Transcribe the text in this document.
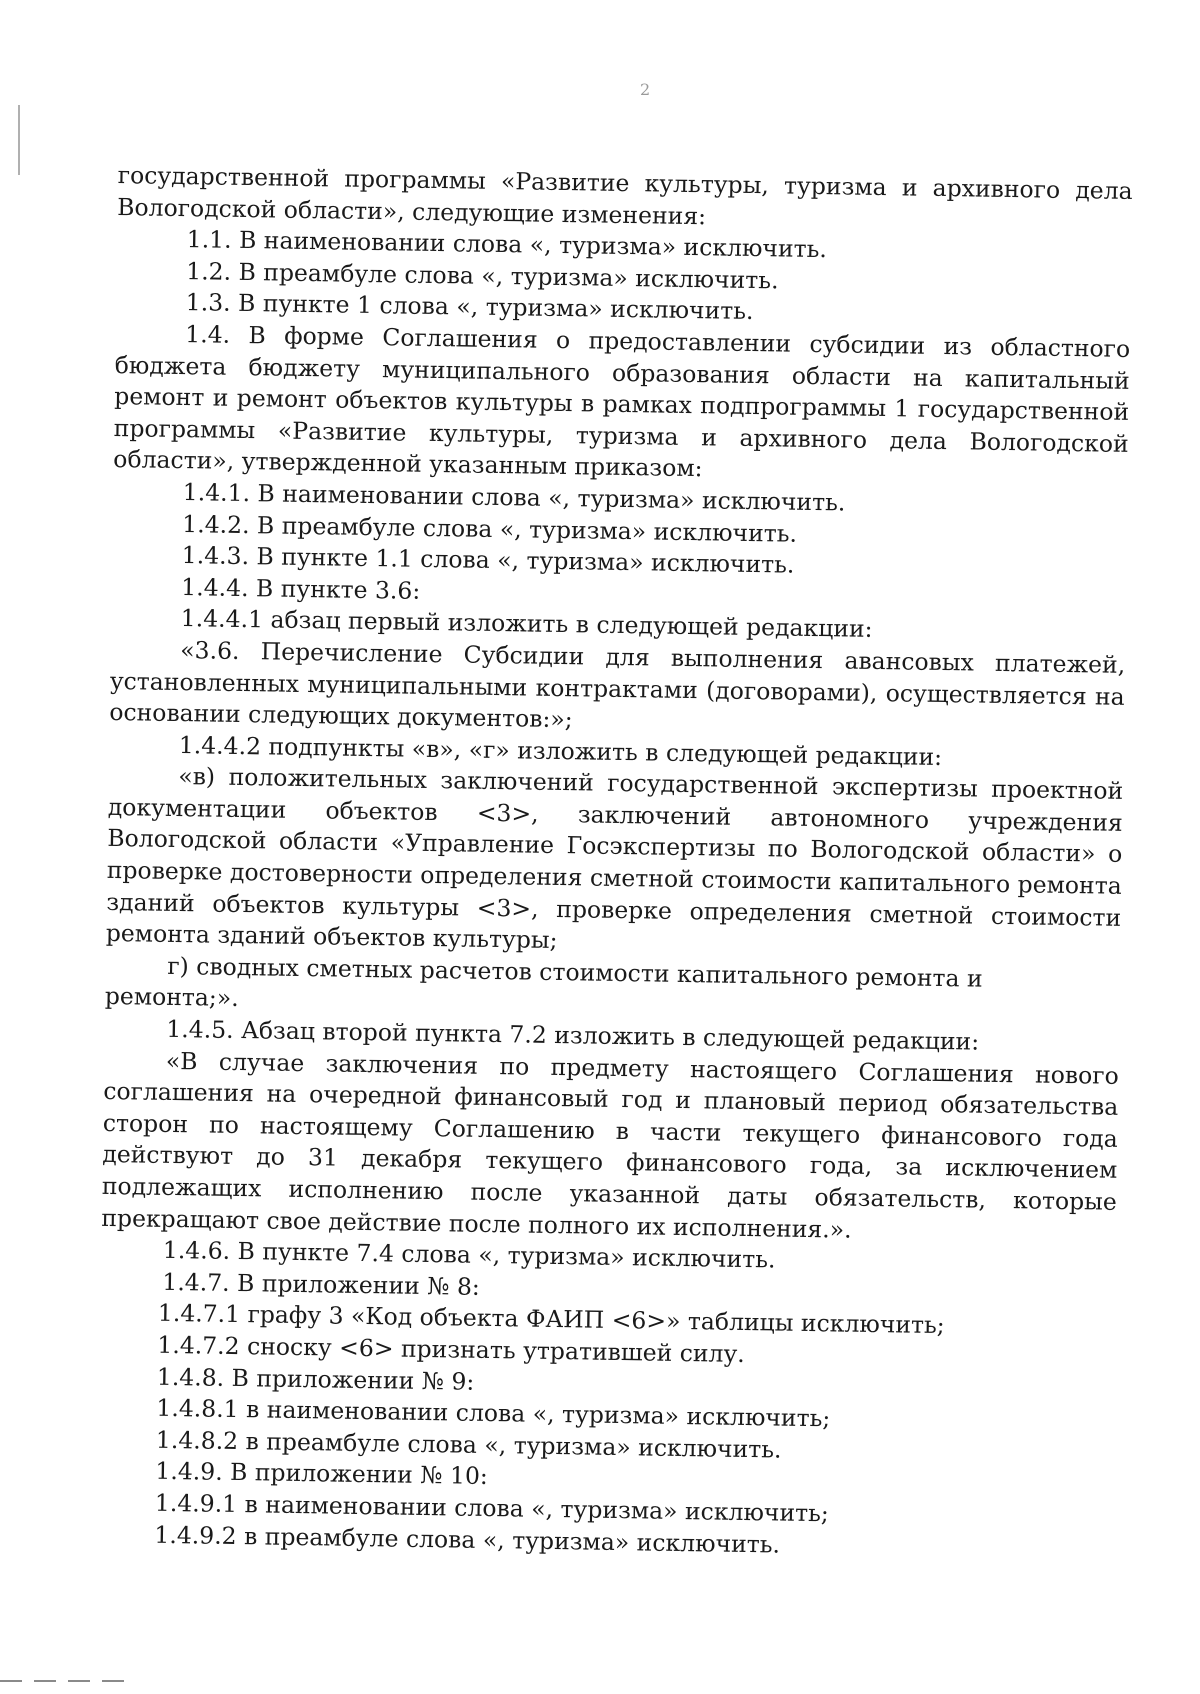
2

государственной программы «Развитие культуры, туризма и архивного дела Вологодской области», следующие изменения:

1.1. В наименовании слова «, туризма» исключить.

1.2. В преамбуле слова «, туризма» исключить.

1.3. В пункте 1 слова «, туризма» исключить.

1.4. В форме Соглашения о предоставлении субсидии из областного бюджета бюджету муниципального образования области на капитальный ремонт и ремонт объектов культуры в рамках подпрограммы 1 государственной программы «Развитие культуры, туризма и архивного дела Вологодской области», утвержденной указанным приказом:

1.4.1. В наименовании слова «, туризма» исключить.

1.4.2. В преамбуле слова «, туризма» исключить.

1.4.3. В пункте 1.1 слова «, туризма» исключить.

1.4.4. В пункте 3.6:

1.4.4.1 абзац первый изложить в следующей редакции:

«3.6. Перечисление Субсидии для выполнения авансовых платежей, установленных муниципальными контрактами (договорами), осуществляется на основании следующих документов:»;

1.4.4.2 подпункты «в», «г» изложить в следующей редакции:

«в) положительных заключений государственной экспертизы проектной документации объектов <3>, заключений автономного учреждения Вологодской области «Управление Госэкспертизы по Вологодской области» о проверке достоверности определения сметной стоимости капитального ремонта зданий объектов культуры <3>, проверке определения сметной стоимости ремонта зданий объектов культуры;

г) сводных сметных расчетов стоимости капитального ремонта и ремонта;».

1.4.5. Абзац второй пункта 7.2 изложить в следующей редакции:

«В случае заключения по предмету настоящего Соглашения нового соглашения на очередной финансовый год и плановый период обязательства сторон по настоящему Соглашению в части текущего финансового года действуют до 31 декабря текущего финансового года, за исключением подлежащих исполнению после указанной даты обязательств, которые прекращают свое действие после полного их исполнения.».

1.4.6. В пункте 7.4 слова «, туризма» исключить.

1.4.7. В приложении № 8:

1.4.7.1 графу 3 «Код объекта ФАИП <6>» таблицы исключить;

1.4.7.2 сноску <6> признать утратившей силу.

1.4.8. В приложении № 9:

1.4.8.1 в наименовании слова «, туризма» исключить;

1.4.8.2 в преамбуле слова «, туризма» исключить.

1.4.9. В приложении № 10:

1.4.9.1 в наименовании слова «, туризма» исключить;

1.4.9.2 в преамбуле слова «, туризма» исключить.
